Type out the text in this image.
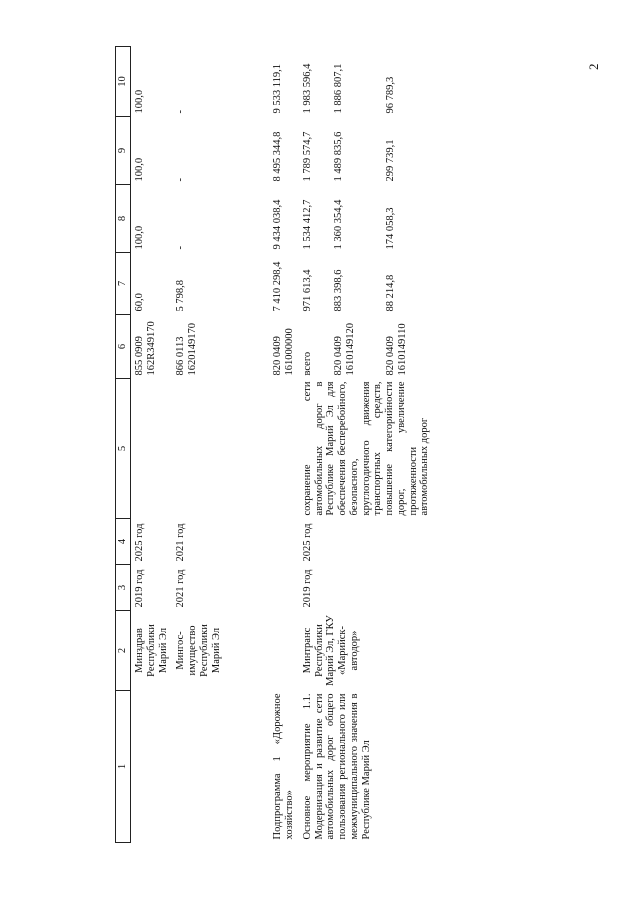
2
1	2	3	4	5	6	7	8	9	10
	Минздрав Республики Марий Эл	2019 год	2025 год		855 0909 162R349170	60,0	100,0	100,0	100,0
	Мингос- имущество Республики Марий Эл	2021 год	2021 год		866 0113 1620149170	5 798,8	-	-	-

Подпрограмма 1 «Дорожное хозяйство»					820 0409 161000000	7 410 298,4	9 434 038,4	8 495 344,8	9 533 119,1
Основное мероприятие 1.1. Модернизация и развитие сети автомобильных дорог общего пользования регионального или межмуниципального значения в Республике Марий Эл	Минтранс Республики Марий Эл, ГКУ «Марийск- автодор»	2019 год	2025 год	сохранение сети автомобильных дорог в Республике Марий Эл для обеспечения бесперебойного, безопасного, круглогодичного движения транспортных средств, повышение категорийности дорог, увеличение протяженности автомобильных дорог	всего	971 613,4	1 534 412,7	1 789 574,7	1 983 596,4
					820 0409 1610149120	883 398,6	1 360 354,4	1 489 835,6	1 886 807,1
					820 0409 1610149110	88 214,8	174 058,3	299 739,1	96 789,3
